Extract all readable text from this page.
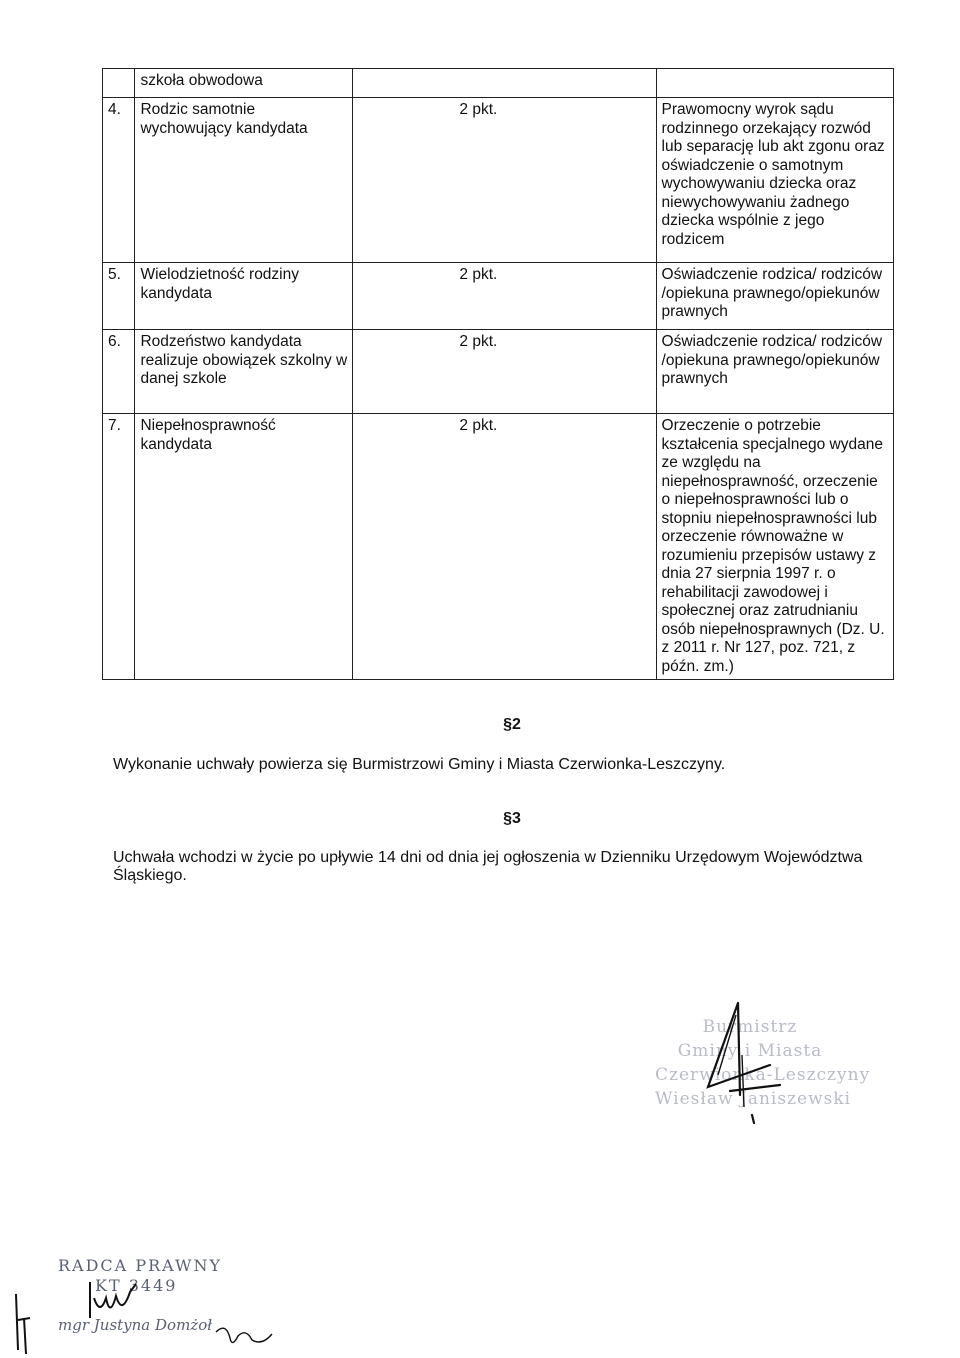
	szkoła obwodowa		
4.	Rodzic samotnie wychowujący kandydata	2 pkt.	Prawomocny wyrok sądu rodzinnego orzekający rozwód lub separację lub akt zgonu oraz oświadczenie o samotnym wychowywaniu dziecka oraz niewychowywaniu żadnego dziecka wspólnie z jego rodzicem
5.	Wielodzietność rodziny kandydata	2 pkt.	Oświadczenie rodzica/ rodziców /opiekuna prawnego/opiekunów prawnych
6.	Rodzeństwo kandydata realizuje obowiązek szkolny w danej szkole	2 pkt.	Oświadczenie rodzica/ rodziców /opiekuna prawnego/opiekunów prawnych
7.	Niepełnosprawność kandydata	2 pkt.	Orzeczenie o potrzebie kształcenia specjalnego wydane ze względu na niepełnosprawność, orzeczenie o niepełnosprawności lub o stopniu niepełnosprawności lub orzeczenie równoważne w rozumieniu przepisów ustawy z dnia 27 sierpnia 1997 r. o rehabilitacji zawodowej i społecznej oraz zatrudnianiu osób niepełnosprawnych (Dz. U. z 2011 r. Nr 127, poz. 721, z późn. zm.)
§2
Wykonanie uchwały powierza się Burmistrzowi Gminy i Miasta Czerwionka-Leszczyny.
§3
Uchwała wchodzi w życie po upływie 14 dni od dnia jej ogłoszenia w Dzienniku Urzędowym Województwa Śląskiego.
Burmistrz
Gminy i Miasta
Czerwionka-Leszczyny
Wiesław Janiszewski
RADCA PRAWNY
KT 3449
mgr Justyna Domżoł
